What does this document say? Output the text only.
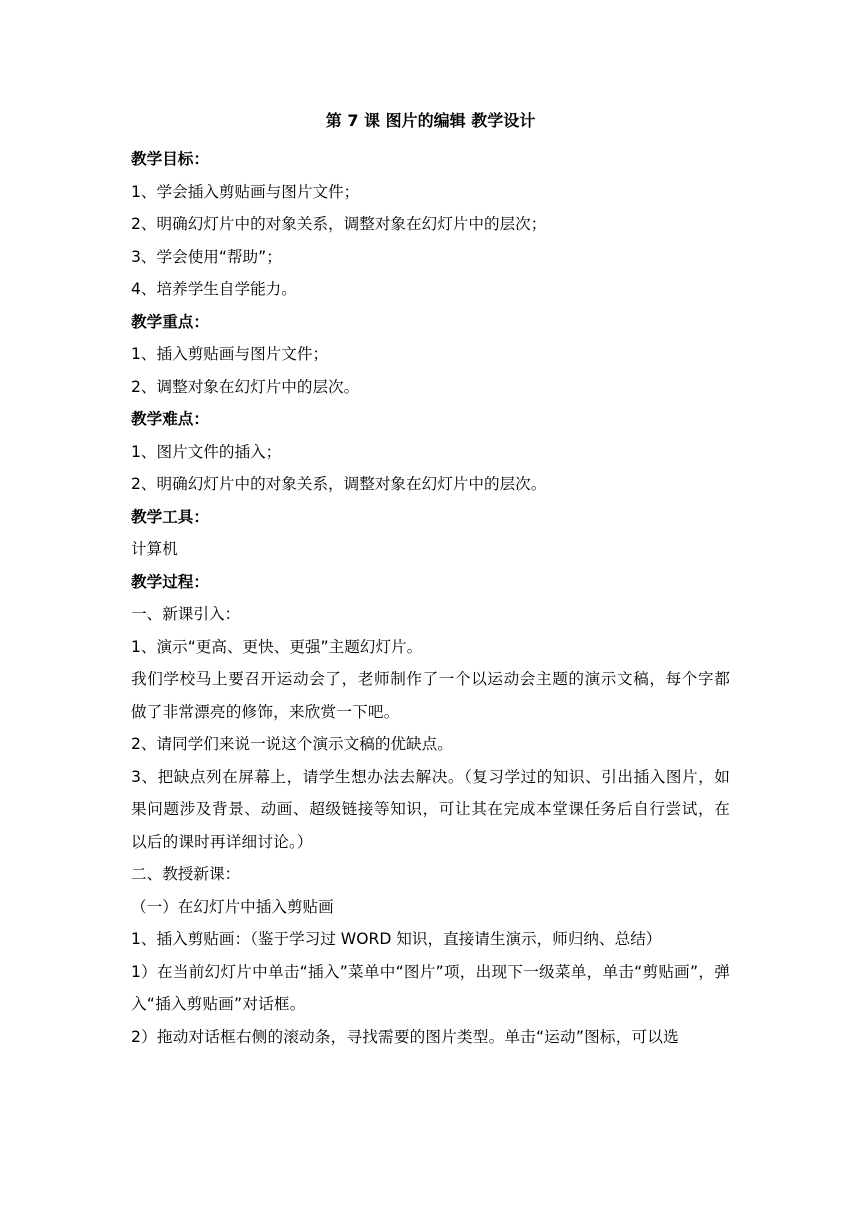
第 7 课 图片的编辑 教学设计

教学目标：

1、学会插入剪贴画与图片文件；

2、明确幻灯片中的对象关系，调整对象在幻灯片中的层次；

3、学会使用“帮助”；

4、培养学生自学能力。

教学重点：

1、插入剪贴画与图片文件；

2、调整对象在幻灯片中的层次。

教学难点：

1、图片文件的插入；

2、明确幻灯片中的对象关系，调整对象在幻灯片中的层次。

教学工具：

计算机

教学过程：

一、新课引入：

1、演示“更高、更快、更强”主题幻灯片。

我们学校马上要召开运动会了，老师制作了一个以运动会主题的演示文稿，每个字都做了非常漂亮的修饰，来欣赏一下吧。

2、请同学们来说一说这个演示文稿的优缺点。

3、把缺点列在屏幕上，请学生想办法去解决。（复习学过的知识、引出插入图片，如果问题涉及背景、动画、超级链接等知识，可让其在完成本堂课任务后自行尝试，在以后的课时再详细讨论。）

二、教授新课：

（一）在幻灯片中插入剪贴画

1、插入剪贴画：（鉴于学习过 WORD 知识，直接请生演示，师归纳、总结）

1）在当前幻灯片中单击“插入”菜单中“图片”项，出现下一级菜单，单击“剪贴画”，弹入“插入剪贴画”对话框。

2）拖动对话框右侧的滚动条，寻找需要的图片类型。单击“运动”图标，可以选
